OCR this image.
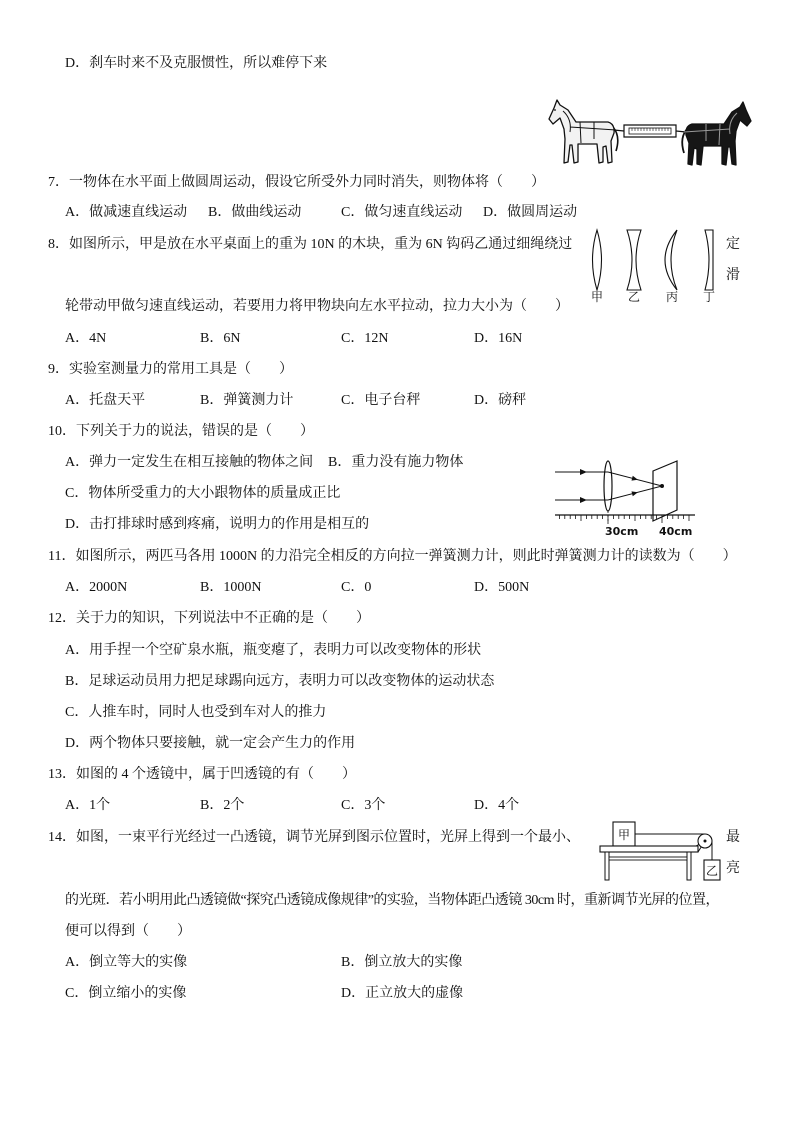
D．刹车时来不及克服惯性，所以难停下来
7．一物体在水平面上做圆周运动，假设它所受外力同时消失，则物体将（　　）
A．做减速直线运动 B．做曲线运动	C．做匀速直线运动 D．做圆周运动
8．如图所示，甲是放在水平桌面上的重为 10N 的木块，重为 6N 钩码乙通过细绳绕过	定
滑
甲 乙 丙 丁
轮带动甲做匀速直线运动，若要用力将甲物块向左水平拉动，拉力大小为（　　）
A．4N	B．6N	C．12N	D．16N
9．实验室测量力的常用工具是（　　）
A．托盘天平	B．弹簧测力计	C．电子台秤	D．磅秤
10．下列关于力的说法，错误的是（　　）
A．弹力一定发生在相互接触的物体之间 B．重力没有施力物体
C．物体所受重力的大小跟物体的质量成正比
D．击打排球时感到疼痛，说明力的作用是相互的	30cm 40cm
11．如图所示，两匹马各用 1000N 的力沿完全相反的方向拉一弹簧测力计，则此时弹簧测力计的读数为（　　）
A．2000N	B．1000N	C．0	D．500N
12．关于力的知识，下列说法中不正确的是（　　）
A．用手捏一个空矿泉水瓶，瓶变瘪了，表明力可以改变物体的形状
B．足球运动员用力把足球踢向远方，表明力可以改变物体的运动状态
C．人推车时，同时人也受到车对人的推力
D．两个物体只要接触，就一定会产生力的作用
13．如图的 4 个透镜中，属于凹透镜的有（　　）
A．1个	B．2个	C．3个	D．4个
甲
乙
14．如图，一束平行光经过一凸透镜，调节光屏到图示位置时，光屏上得到一个最小、	最
亮
的光斑．若小明用此凸透镜做“探究凸透镜成像规律”的实验，当物体距凸透镜 30cm 时，重新调节光屏的位置，
便可以得到（　　）
A．倒立等大的实像	B．倒立放大的实像
C．倒立缩小的实像	D．正立放大的虚像
